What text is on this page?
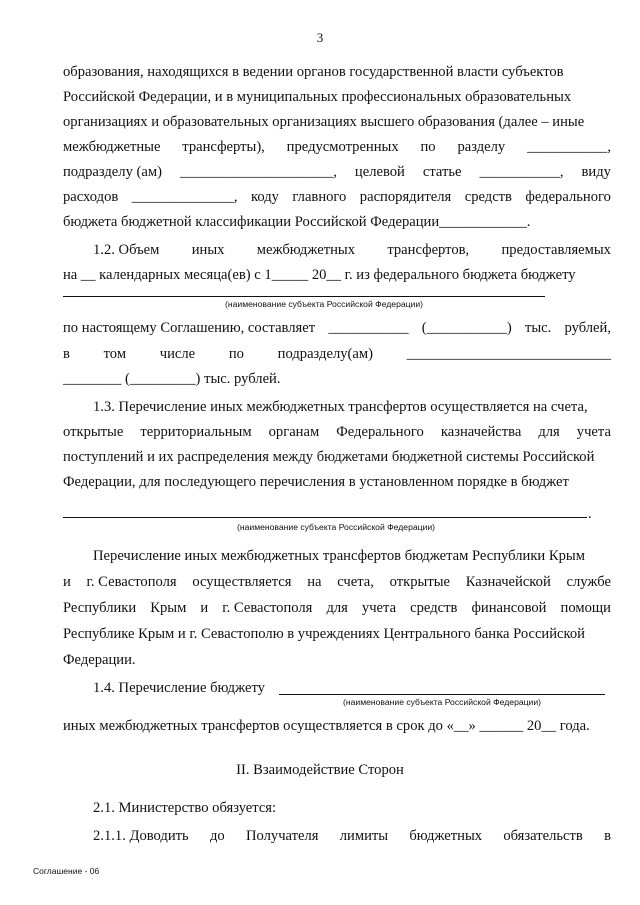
3
образования, находящихся в ведении органов государственной власти субъектов
Российской Федерации, и в муниципальных профессиональных образовательных
организациях и образовательных организациях высшего образования (далее – иные
межбюджетные трансферты), предусмотренных по разделу ___________,
подразделу (ам) _____________________, целевой статье ___________, виду
расходов ______________, коду главного распорядителя средств федерального
бюджета бюджетной классификации Российской Федерации____________.
1.2. Объем иных межбюджетных трансфертов, предоставляемых
на __ календарных месяца(ев) с 1_____ 20__ г. из федерального бюджета бюджету
(наименование субъекта Российской Федерации)
по настоящему Соглашению, составляет ___________ (___________) тыс. рублей,
в том числе по подразделу(ам) ____________________________
________ (_________) тыс. рублей.
1.3. Перечисление иных межбюджетных трансфертов осуществляется на счета,
открытые территориальным органам Федерального казначейства для учета
поступлений и их распределения между бюджетами бюджетной системы Российской
Федерации, для последующего перечисления в установленном порядке в бюджет
.
(наименование субъекта Российской Федерации)
Перечисление иных межбюджетных трансфертов бюджетам Республики Крым
и г. Севастополя осуществляется на счета, открытые Казначейской службе
Республики Крым и г. Севастополя для учета средств финансовой помощи
Республике Крым и г. Севастополю в учреждениях Центрального банка Российской
Федерации.
1.4. Перечисление бюджету
(наименование субъекта Российской Федерации)
иных межбюджетных трансфертов осуществляется в срок до «__» ______ 20__ года.
II. Взаимодействие Сторон
2.1. Министерство обязуется:
2.1.1. Доводить до Получателя лимиты бюджетных обязательств в
Соглашение - 06
